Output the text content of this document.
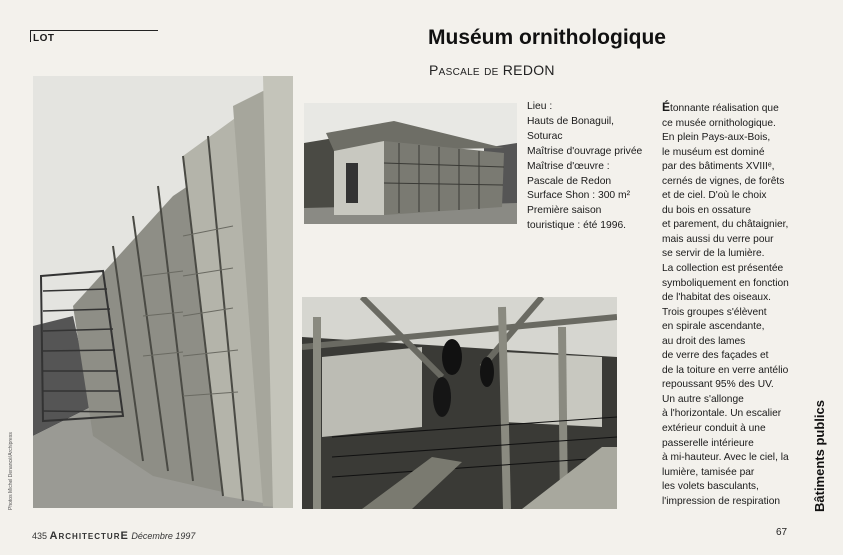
LOT	Muséum ornithologique
Pascale de REDON
Photos Michel Denancé/Archipress
Lieu :
Hauts de Bonaguil,
Soturac
Maîtrise d'ouvrage privée
Maîtrise d'œuvre :
Pascale de Redon
Surface Shon : 300 m²
Première saison
touristique : été 1996.
Étonnante réalisation que
ce musée ornithologique.
En plein Pays-aux-Bois,
le muséum est dominé
par des bâtiments XVIIIᵉ,
cernés de vignes, de forêts
et de ciel. D'où le choix
du bois en ossature
et parement, du châtaignier,
mais aussi du verre pour
se servir de la lumière.
La collection est présentée
symboliquement en fonction
de l'habitat des oiseaux.
Trois groupes s'élèvent
en spirale ascendante,
au droit des lames
de verre des façades et
de la toiture en verre antélio
repoussant 95% des UV.
Un autre s'allonge
à l'horizontale. Un escalier
extérieur conduit à une
passerelle intérieure
à mi-hauteur. Avec le ciel, la
lumière, tamisée par
les volets basculants,
l'impression de respiration	Bâtiments publics
435 ArchitecturE Décembre 1997	67
